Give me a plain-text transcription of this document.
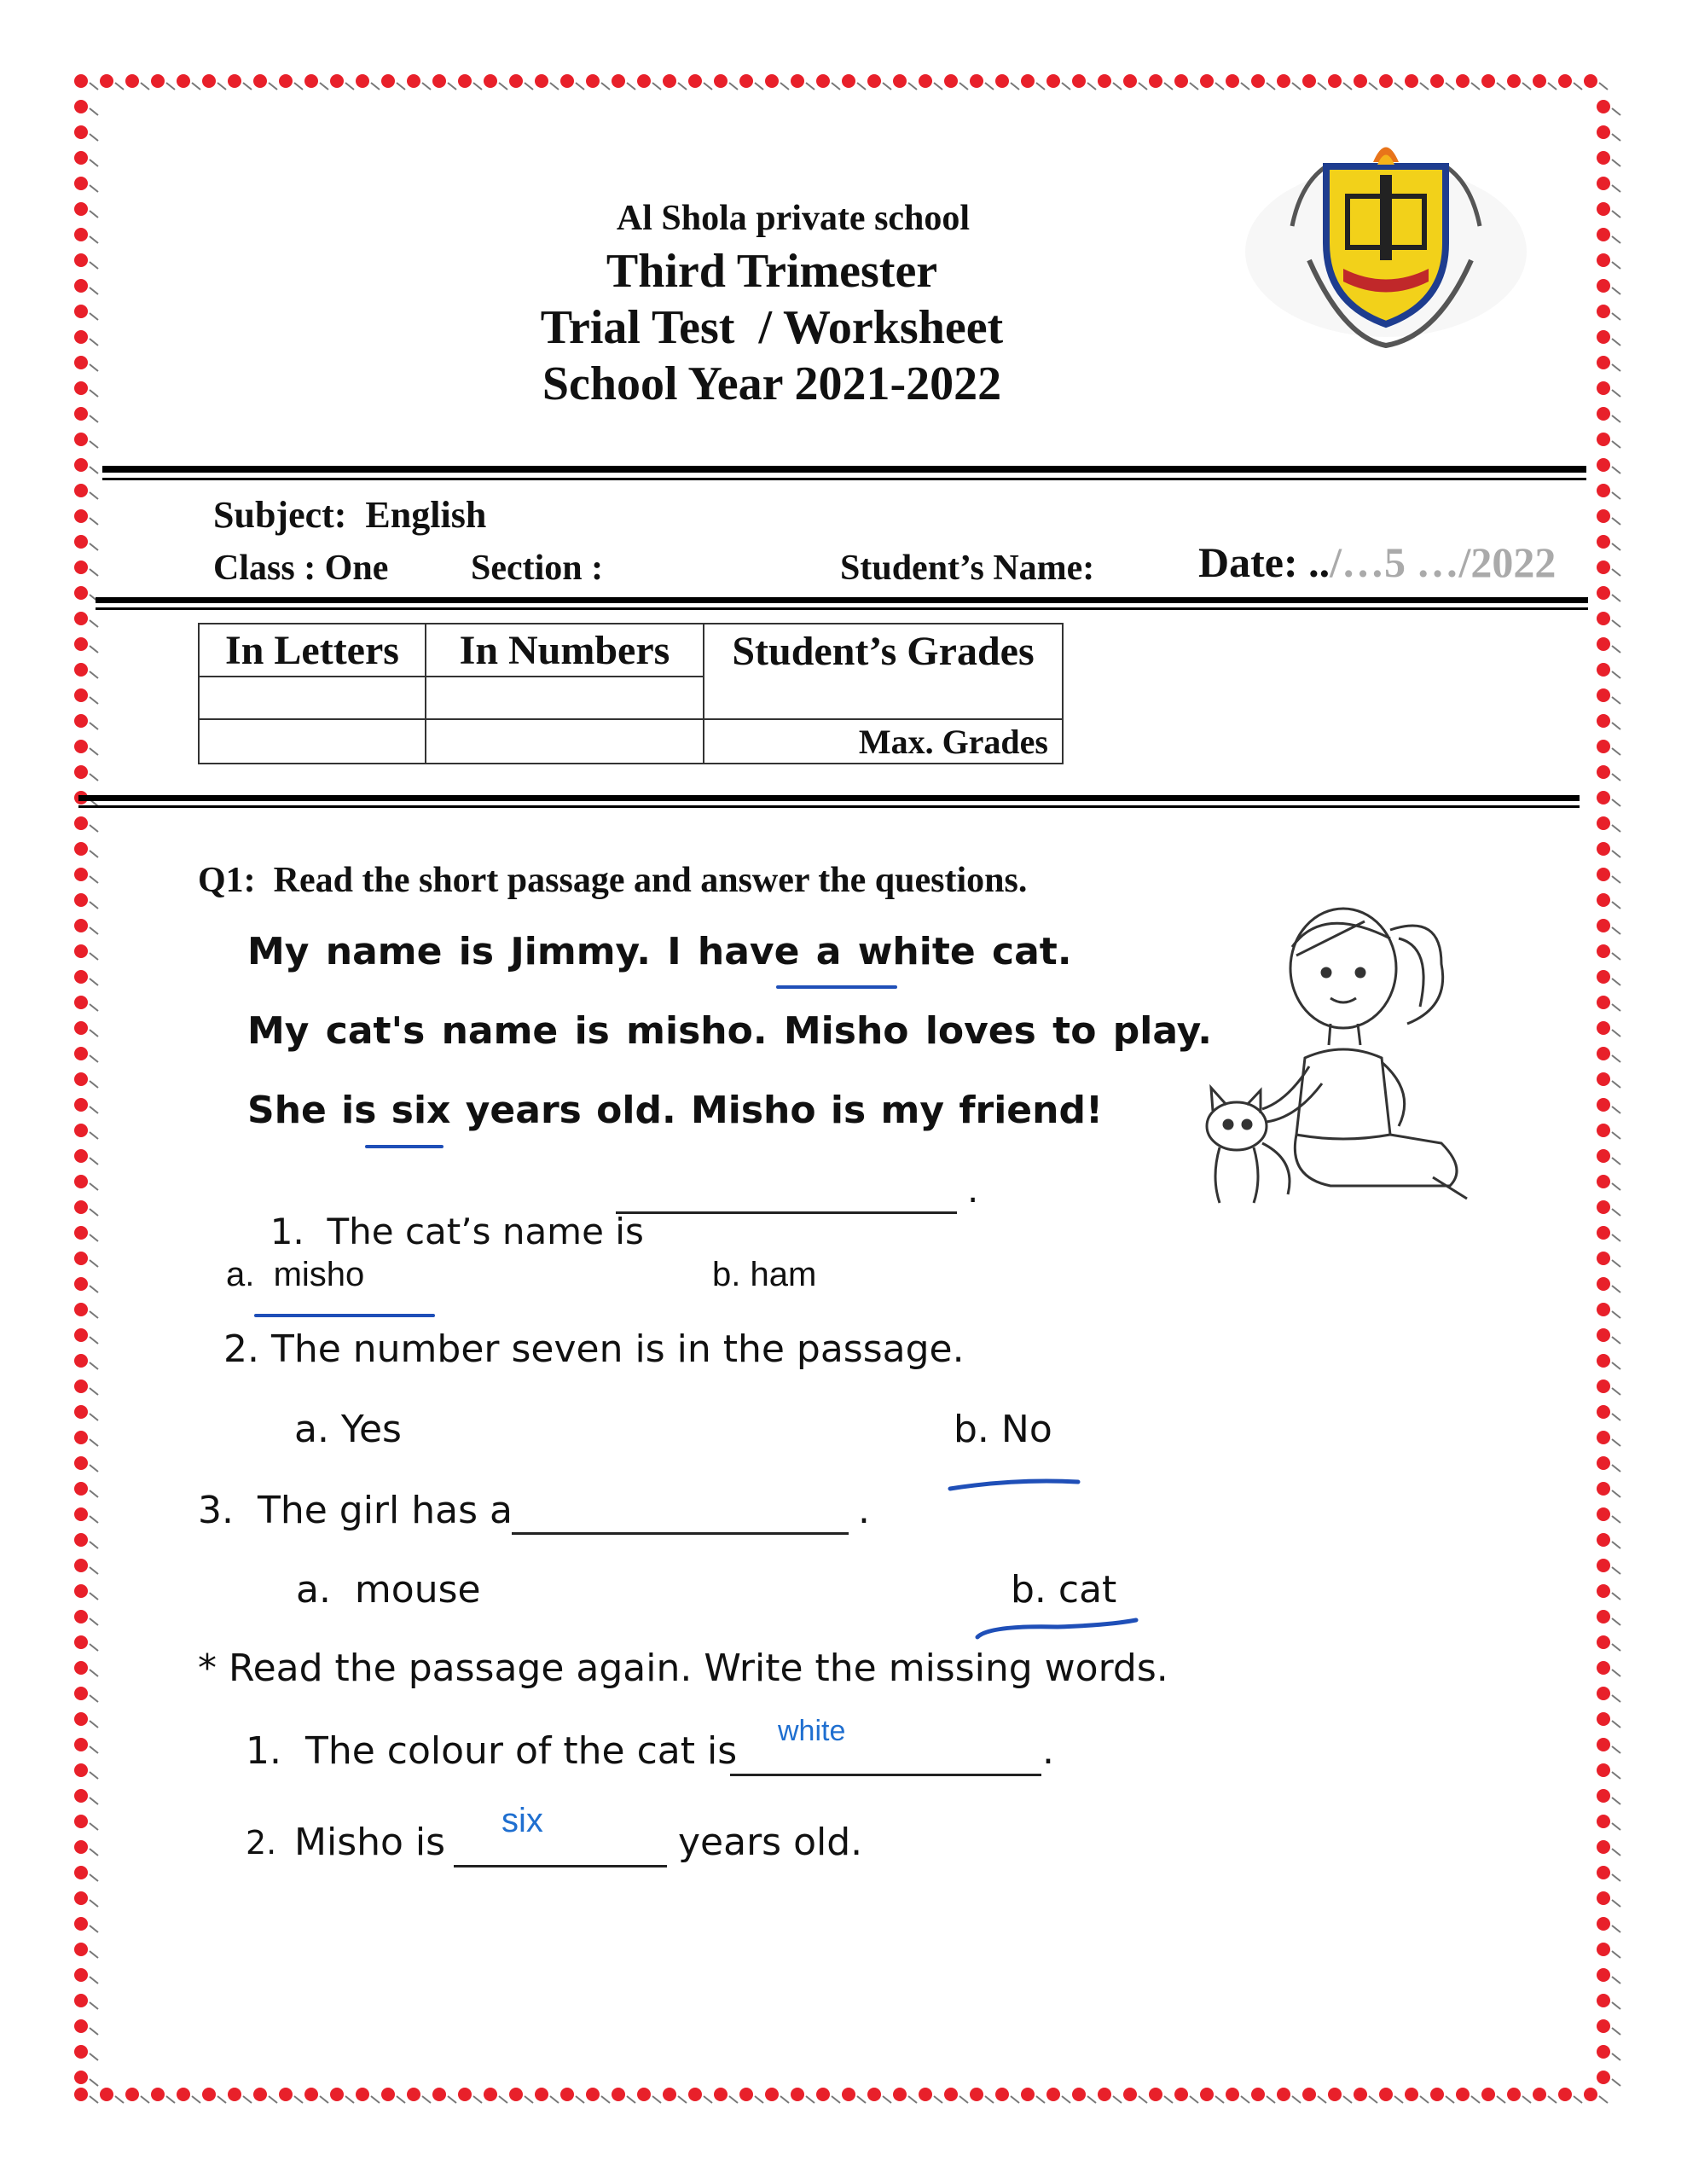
Al Shola private school
Third Trimester
Trial Test  / Worksheet
School Year 2021-2022
Subject:  English

Date: ../…5 …/2022

Class : One Section :	Student’s Name:
In Letters	In Numbers	Student’s Grades

		Max. Grades
Q1:  Read the short passage and answer the questions.
My name is Jimmy. I have a white cat.
My cat's name is misho. Misho loves to play.
She is six years old. Misho is my friend!

1.  The cat’s name is

.
a.  misho	b. ham
2. The number seven is in the passage.
a. Yes	b. No
3.  The girl has a	.
a.  mouse	b. cat
* Read the passage again. Write the missing words.
1.  The colour of the cat is white	.
2. Misho is six	years old.
